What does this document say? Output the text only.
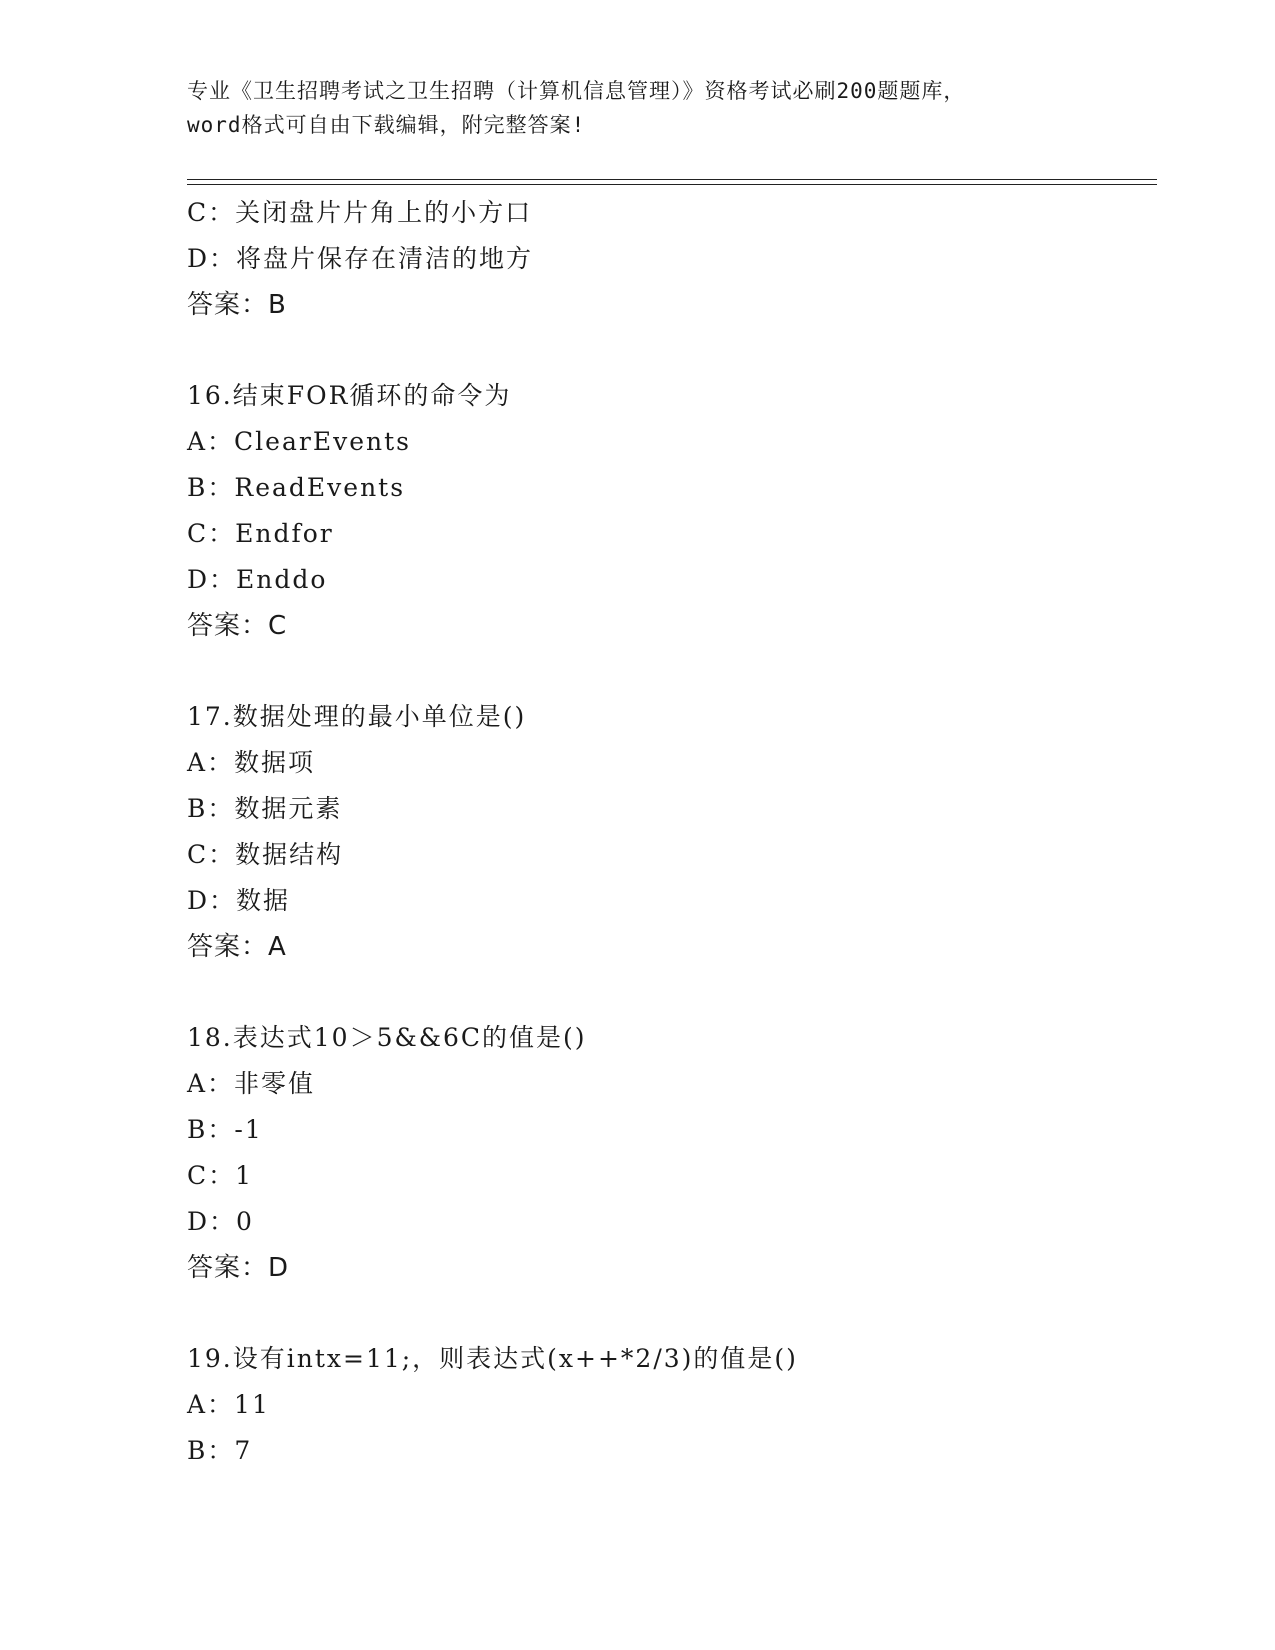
专业《卫生招聘考试之卫生招聘（计算机信息管理）》资格考试必刷200题题库，
word格式可自由下载编辑，附完整答案!
C：关闭盘片片角上的小方口
D：将盘片保存在清洁的地方
答案：B
16.结束FOR循环的命令为
A：ClearEvents
B：ReadEvents
C：Endfor
D：Enddo
答案：C
17.数据处理的最小单位是()
A：数据项
B：数据元素
C：数据结构
D：数据
答案：A
18.表达式10＞5&&6C的值是()
A：非零值
B：-1
C：1
D：0
答案：D
19.设有intx=11;，则表达式(x++*2/3)的值是()
A：11
B：7
